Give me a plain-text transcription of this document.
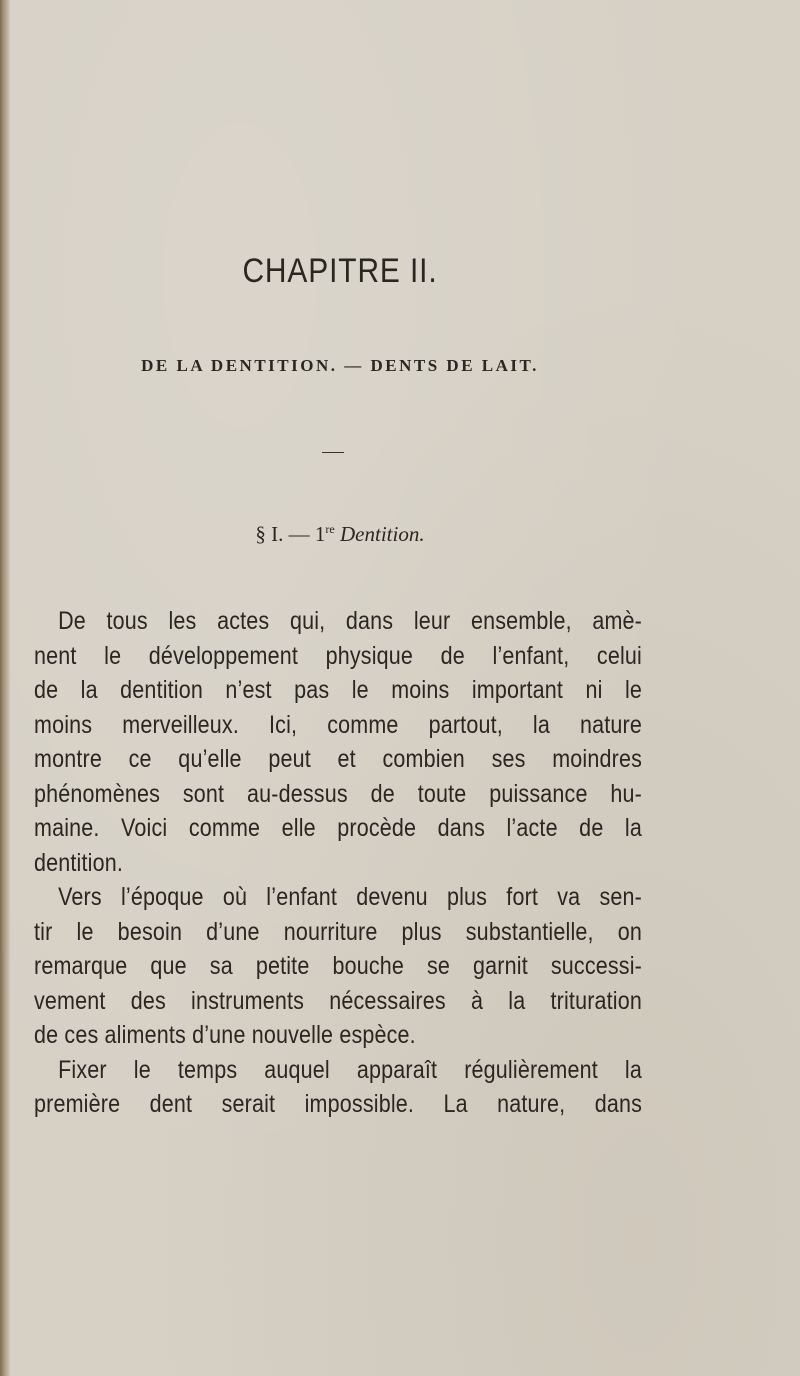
CHAPITRE II.
DE LA DENTITION. — DENTS DE LAIT.
§ I. — 1re Dentition.
De tous les actes qui, dans leur ensemble, amè-
nent le développement physique de l’enfant, celui
de la dentition n’est pas le moins important ni le
moins merveilleux. Ici, comme partout, la nature
montre ce qu’elle peut et combien ses moindres
phénomènes sont au-dessus de toute puissance hu-
maine. Voici comme elle procède dans l’acte de la
dentition.
Vers l’époque où l’enfant devenu plus fort va sen-
tir le besoin d’une nourriture plus substantielle, on
remarque que sa petite bouche se garnit successi-
vement des instruments nécessaires à la trituration
de ces aliments d’une nouvelle espèce.
Fixer le temps auquel apparaît régulièrement la
première dent serait impossible. La nature, dans
